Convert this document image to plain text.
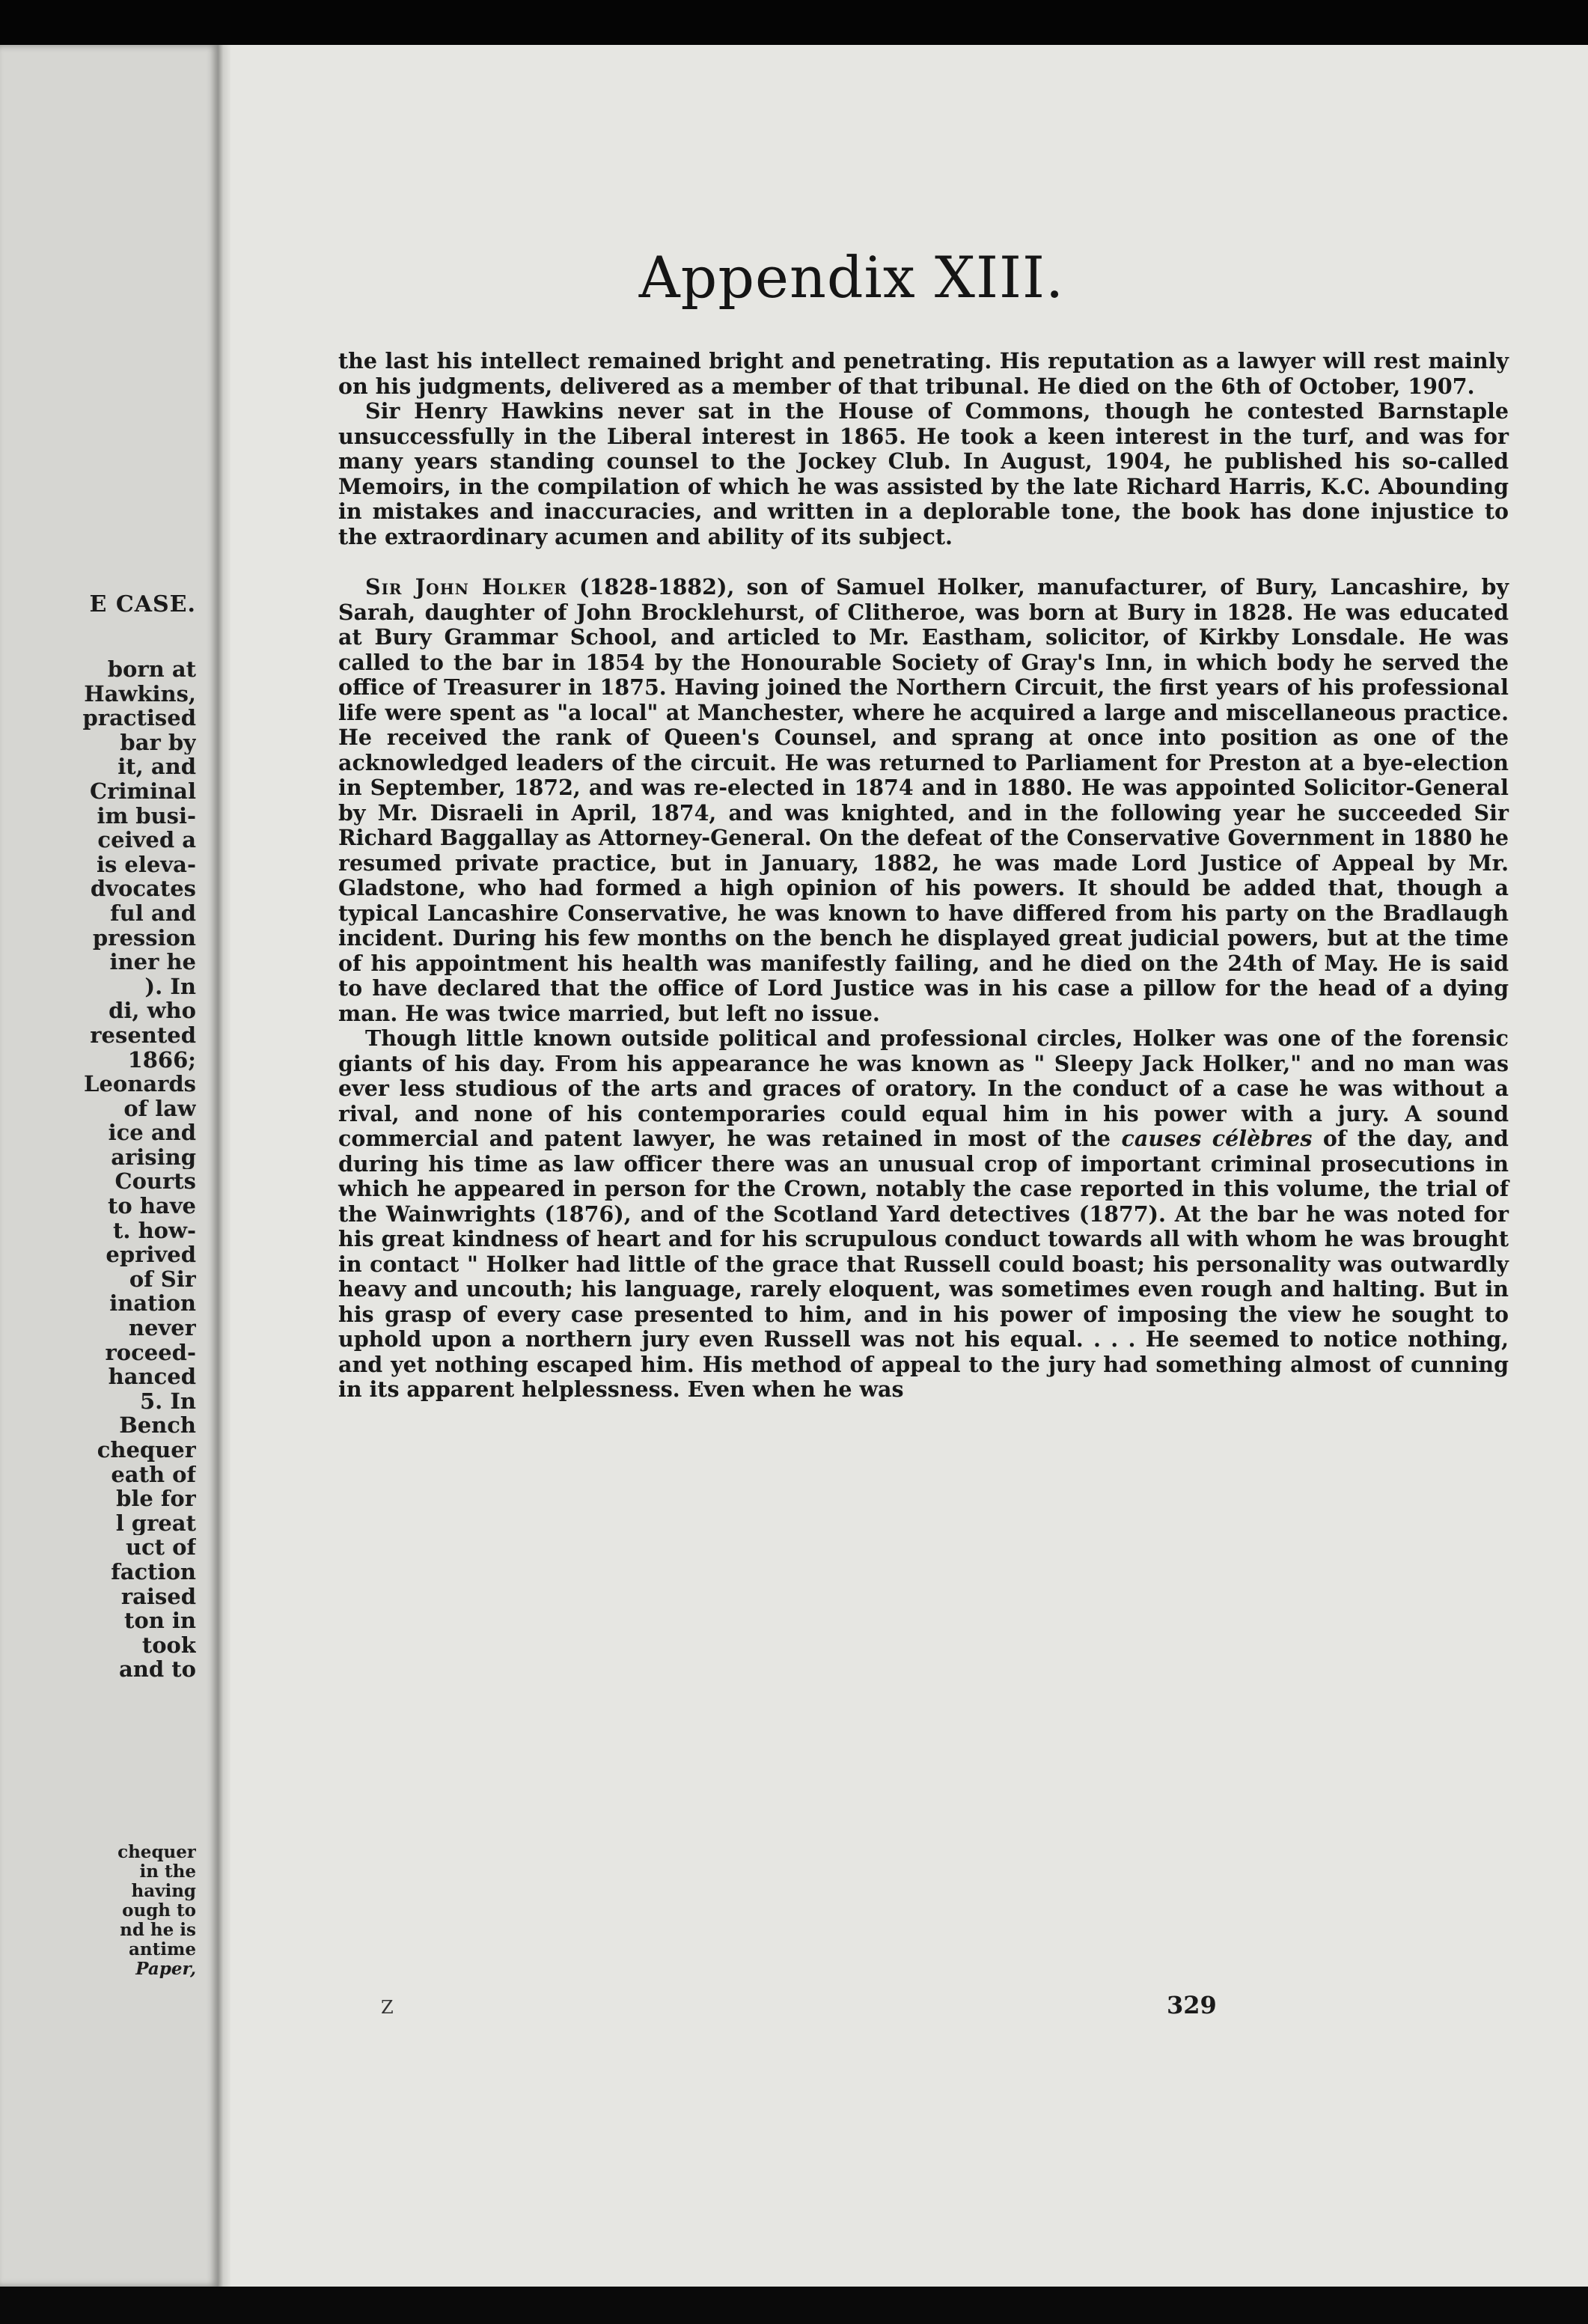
E CASE.
born at
Hawkins,
practised
bar by
it, and
Criminal
im busi-
ceived a
is eleva-
dvocates
ful and
pression
iner he
). In
di, who
resented
1866;
Leonards
of law
ice and
arising
Courts
to have
t. how-
eprived
of Sir
ination
never
roceed-
hanced
5. In
Bench
chequer
eath of
ble for
l great
uct of
faction
raised
ton in
took
and to
chequer
in the
having
ough to
nd he is
antime
Paper,
Appendix XIII.

the last his intellect remained bright and penetrating. His reputation as a lawyer will rest mainly on his judgments, delivered as a member of that tribunal. He died on the 6th of October, 1907.

Sir Henry Hawkins never sat in the House of Commons, though he contested Barnstaple unsuccessfully in the Liberal interest in 1865. He took a keen interest in the turf, and was for many years standing counsel to the Jockey Club. In August, 1904, he published his so-called Memoirs, in the compilation of which he was assisted by the late Richard Harris, K.C. Abounding in mistakes and inaccuracies, and written in a deplorable tone, the book has done injustice to the extraordinary acumen and ability of its subject.

Sir John Holker (1828-1882), son of Samuel Holker, manufacturer, of Bury, Lancashire, by Sarah, daughter of John Brocklehurst, of Clitheroe, was born at Bury in 1828. He was educated at Bury Grammar School, and articled to Mr. Eastham, solicitor, of Kirkby Lonsdale. He was called to the bar in 1854 by the Honourable Society of Gray's Inn, in which body he served the office of Treasurer in 1875. Having joined the Northern Circuit, the first years of his professional life were spent as "a local" at Manchester, where he acquired a large and miscellaneous practice. He received the rank of Queen's Counsel, and sprang at once into position as one of the acknowledged leaders of the circuit. He was returned to Parliament for Preston at a bye-election in September, 1872, and was re-elected in 1874 and in 1880. He was appointed Solicitor-General by Mr. Disraeli in April, 1874, and was knighted, and in the following year he succeeded Sir Richard Baggallay as Attorney-General. On the defeat of the Conservative Government in 1880 he resumed private practice, but in January, 1882, he was made Lord Justice of Appeal by Mr. Gladstone, who had formed a high opinion of his powers. It should be added that, though a typical Lancashire Conservative, he was known to have differed from his party on the Bradlaugh incident. During his few months on the bench he displayed great judicial powers, but at the time of his appointment his health was manifestly failing, and he died on the 24th of May. He is said to have declared that the office of Lord Justice was in his case a pillow for the head of a dying man. He was twice married, but left no issue.

Though little known outside political and professional circles, Holker was one of the forensic giants of his day. From his appearance he was known as " Sleepy Jack Holker," and no man was ever less studious of the arts and graces of oratory. In the conduct of a case he was without a rival, and none of his contemporaries could equal him in his power with a jury. A sound commercial and patent lawyer, he was retained in most of the causes célèbres of the day, and during his time as law officer there was an unusual crop of important criminal prosecutions in which he appeared in person for the Crown, notably the case reported in this volume, the trial of the Wainwrights (1876), and of the Scotland Yard detectives (1877). At the bar he was noted for his great kindness of heart and for his scrupulous conduct towards all with whom he was brought in contact " Holker had little of the grace that Russell could boast; his personality was outwardly heavy and uncouth; his language, rarely eloquent, was sometimes even rough and halting. But in his grasp of every case presented to him, and in his power of imposing the view he sought to uphold upon a northern jury even Russell was not his equal. . . . He seemed to notice nothing, and yet nothing escaped him. His method of appeal to the jury had something almost of cunning in its apparent helplessness. Even when he was

Z	329
